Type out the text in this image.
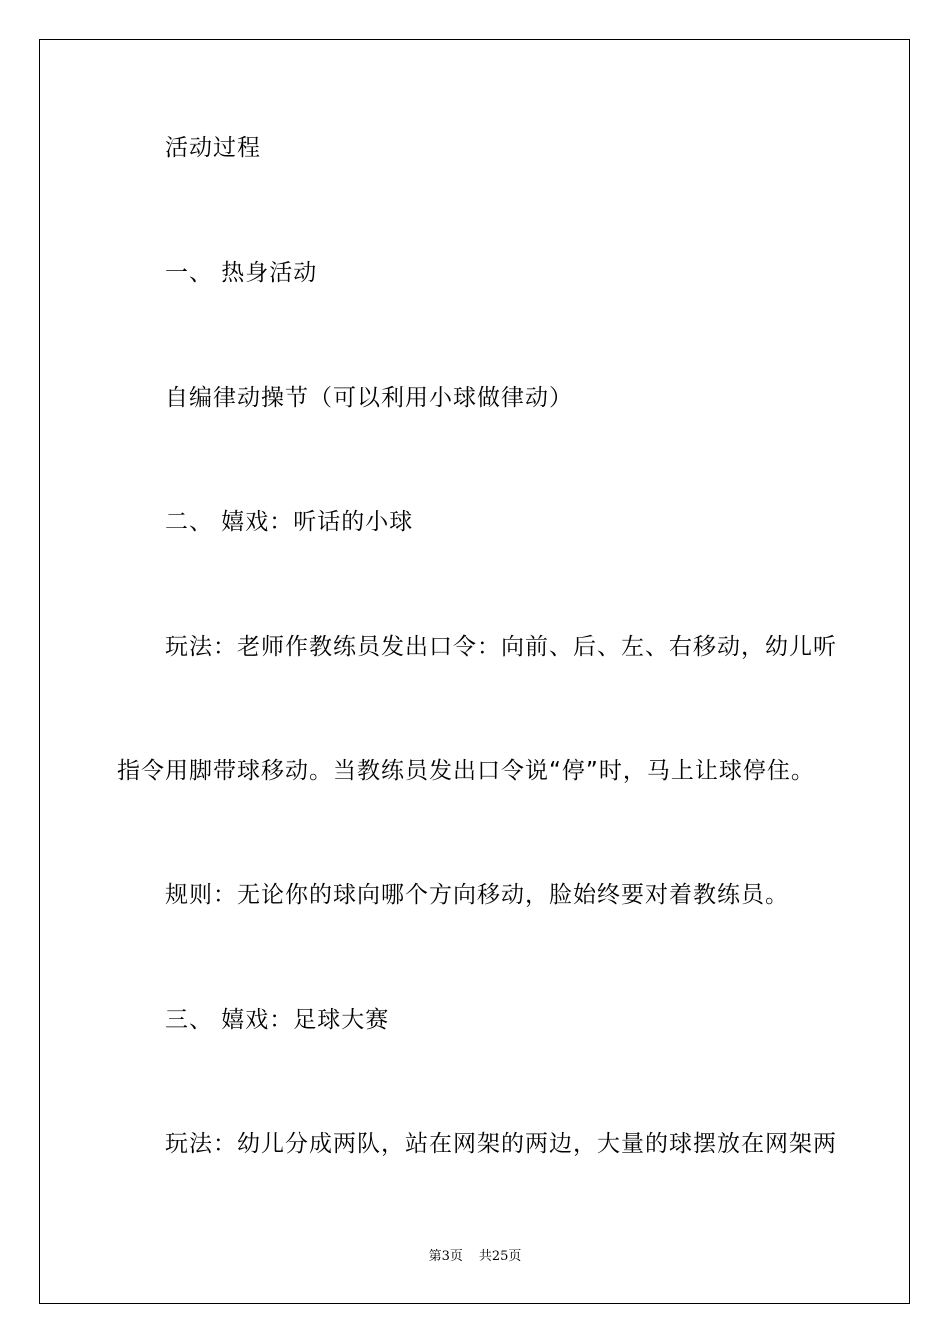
活动过程
一、 热身活动
自编律动操节（可以利用小球做律动）
二、 嬉戏：听话的小球
玩法：老师作教练员发出口令：向前、后、左、右移动，幼儿听
指令用脚带球移动。当教练员发出口令说“停”时，马上让球停住。
规则：无论你的球向哪个方向移动，脸始终要对着教练员。
三、 嬉戏：足球大赛
玩法：幼儿分成两队，站在网架的两边，大量的球摆放在网架两
第3页 共25页
